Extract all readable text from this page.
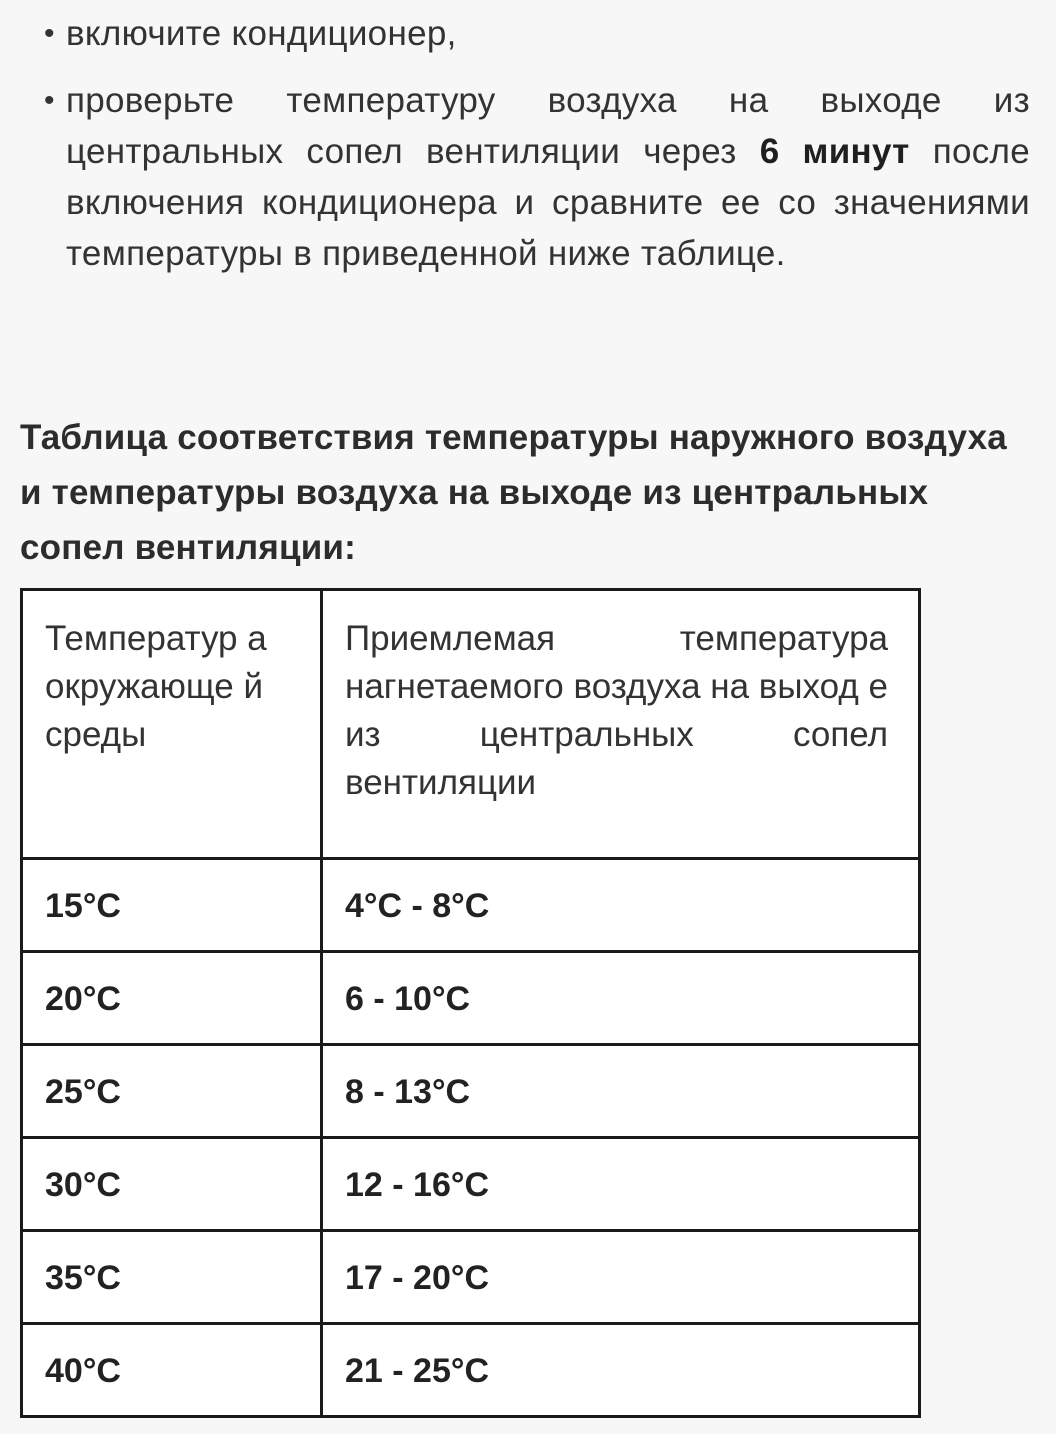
• включите кондиционер,
• проверьте температуру воздуха на выходе из центральных сопел вентиляции через 6 минут после включения кондиционера и сравните ее со значениями температуры в приведенной ниже таблице.
Таблица соответствия температуры наружного воздуха и температуры воздуха на выходе из центральных сопел вентиляции:
Температур а окружающе й среды	Приемлемая температура нагнетаемого воздуха на выход е из центральных сопел вентиляции
15°C	4°C - 8°C
20°C	6 - 10°C
25°C	8 - 13°C
30°C	12 - 16°C
35°C	17 - 20°C
40°C	21 - 25°C
